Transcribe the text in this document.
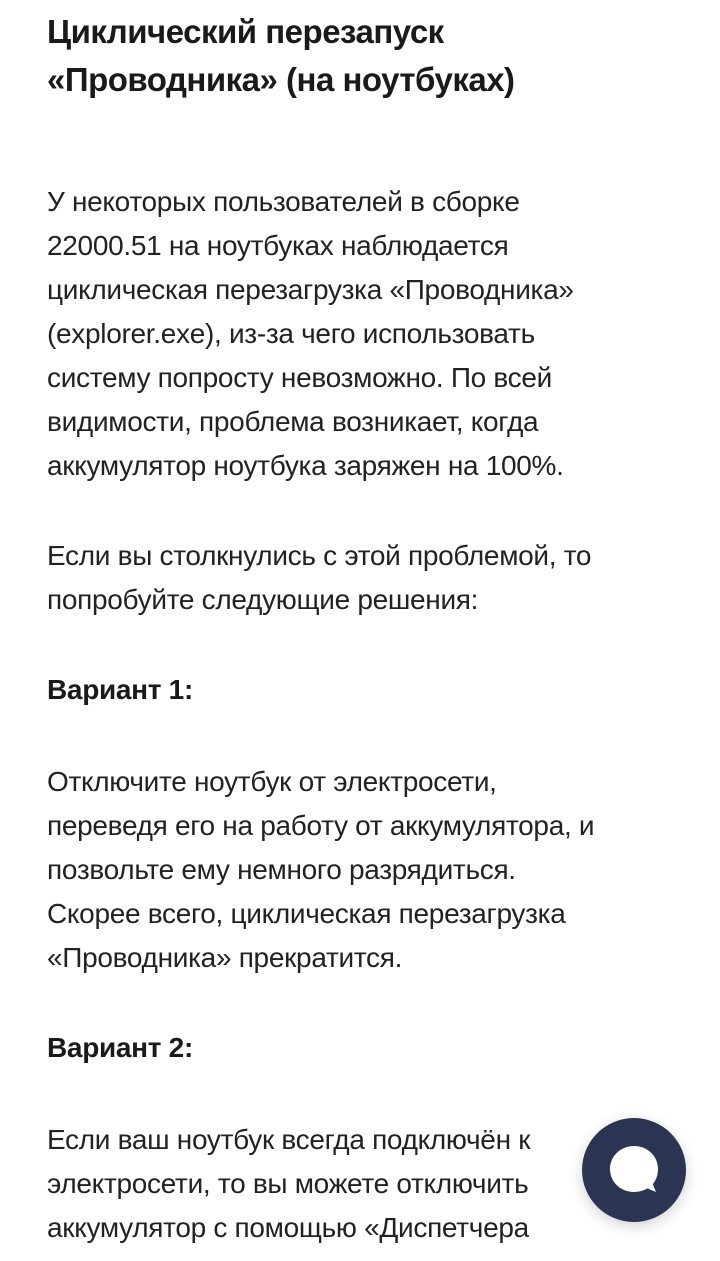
Циклический перезапуск
«Проводника» (на ноутбуках)

У некоторых пользователей в сборке
22000.51 на ноутбуках наблюдается
циклическая перезагрузка «Проводника»
(explorer.exe), из-за чего использовать
систему попросту невозможно. По всей
видимости, проблема возникает, когда
аккумулятор ноутбука заряжен на 100%.

Если вы столкнулись с этой проблемой, то
попробуйте следующие решения:

Вариант 1:

Отключите ноутбук от электросети,
переведя его на работу от аккумулятора, и
позвольте ему немного разрядиться.
Скорее всего, циклическая перезагрузка
«Проводника» прекратится.

Вариант 2:

Если ваш ноутбук всегда подключён к
электросети, то вы можете отключить
аккумулятор с помощью «Диспетчера
